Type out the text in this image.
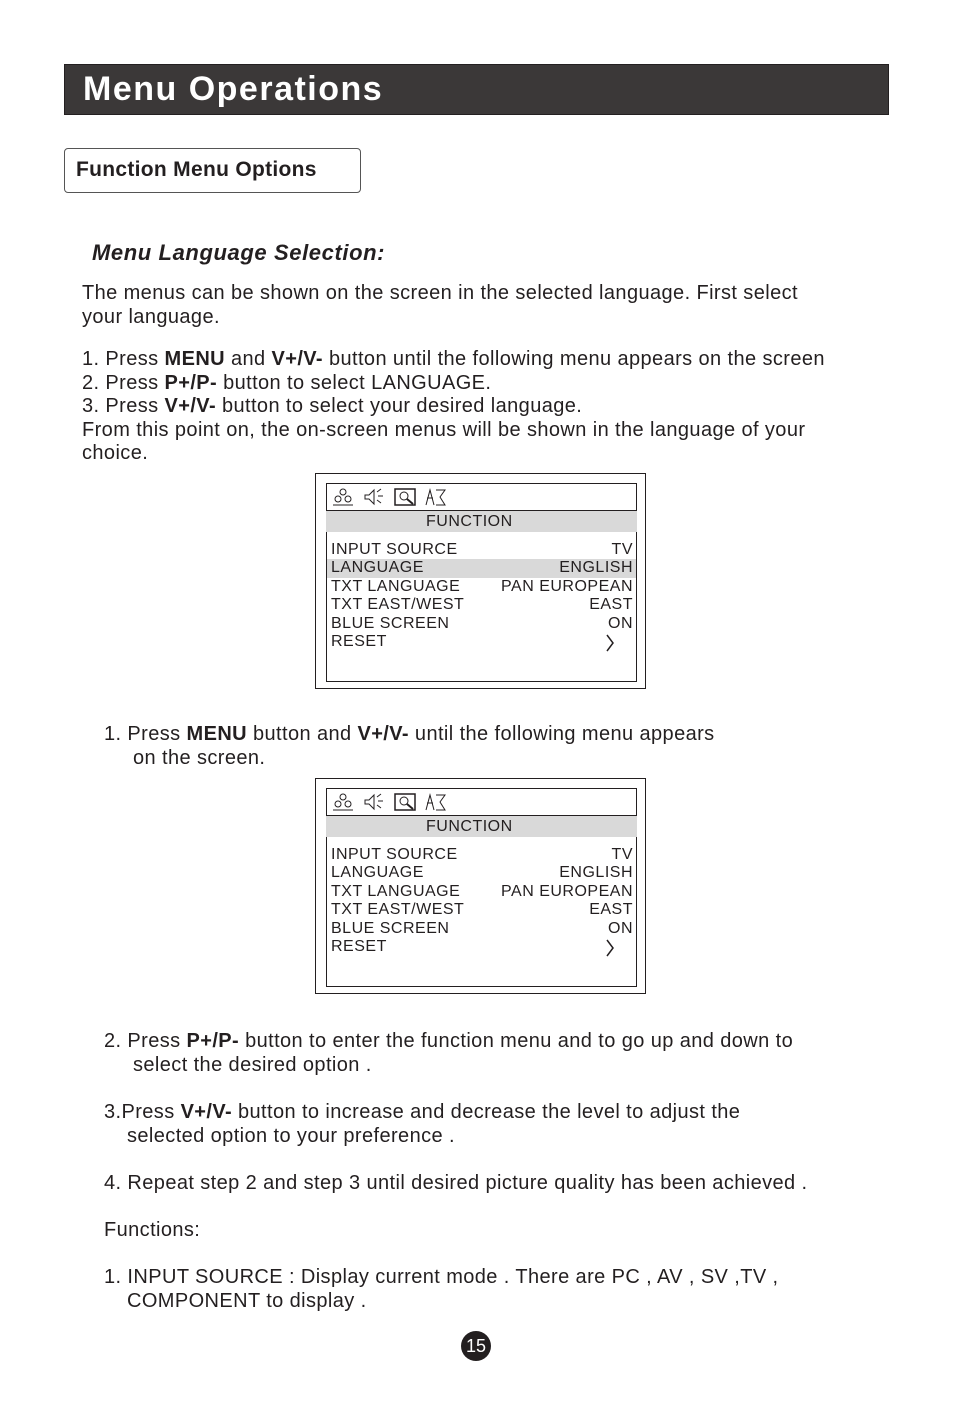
Menu Operations
Function Menu Options
Menu Language Selection:
The menus can be shown on the screen in the selected language. First select
your language.
1. Press MENU and V+/V- button until the following menu appears on the screen
2. Press P+/P- button to select LANGUAGE.
3. Press V+/V- button to select your desired language.
From this point on, the on-screen menus will be shown in the language of your
choice.
FUNCTION
INPUT SOURCE	TV
LANGUAGE	ENGLISH
TXT LANGUAGE	PAN EUROPEAN
TXT EAST/WEST	EAST
BLUE SCREEN	ON
RESET
1. Press MENU button and V+/V- until the following menu appears
on the screen.
FUNCTION
INPUT SOURCE	TV
LANGUAGE	ENGLISH
TXT LANGUAGE	PAN EUROPEAN
TXT EAST/WEST	EAST
BLUE SCREEN	ON
RESET
2. Press P+/P- button to enter the function menu and to go up and down to
select the desired option .
3.Press V+/V- button to increase and decrease the level to adjust the
selected option to your preference .
4. Repeat step 2 and step 3 until desired picture quality has been achieved .
Functions:
1. INPUT SOURCE : Display current mode . There are PC , AV , SV ,TV ,
COMPONENT to display .
15
